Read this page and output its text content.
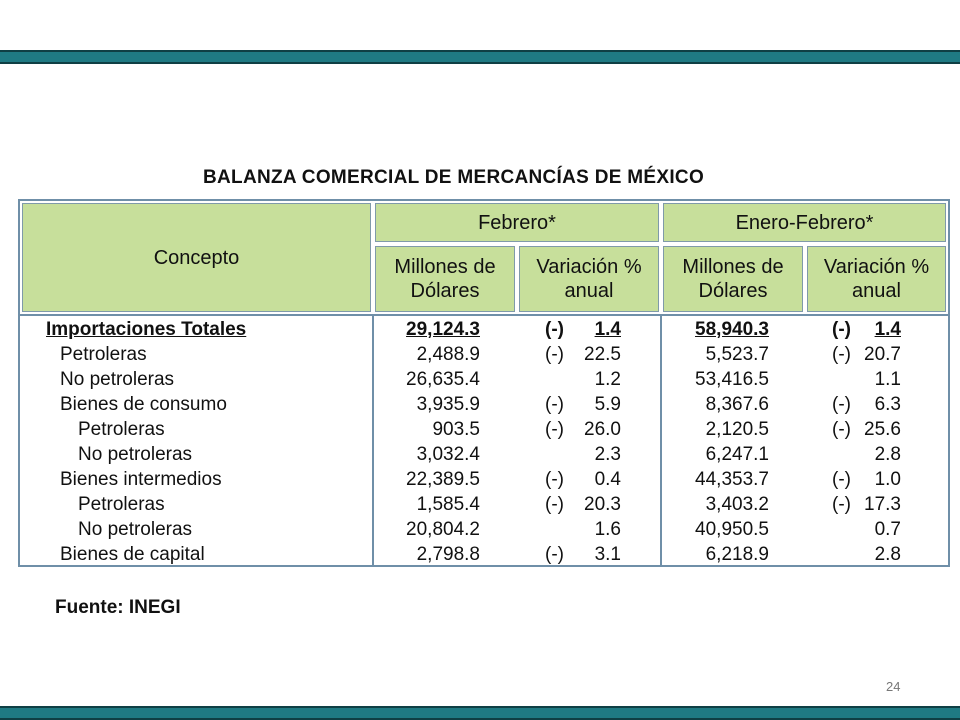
BALANZA COMERCIAL DE MERCANCÍAS DE MÉXICO
Concepto
Febrero*	Enero-Febrero*
Millones de
Dólares
Variación %
anual
Millones de
Dólares
Variación %
anual
Importaciones Totales	29,124.3	(-) 1.4	58,940.3	(-) 1.4
Petroleras	2,488.9	(-) 22.5	5,523.7	(-) 20.7
No petroleras	26,635.4	1.2	53,416.5	1.1
Bienes de consumo	3,935.9	(-) 5.9	8,367.6	(-) 6.3
Petroleras	903.5	(-) 26.0	2,120.5	(-) 25.6
No petroleras	3,032.4	2.3	6,247.1	2.8
Bienes intermedios	22,389.5	(-) 0.4	44,353.7	(-) 1.0
Petroleras	1,585.4	(-) 20.3	3,403.2	(-) 17.3
No petroleras	20,804.2	1.6	40,950.5	0.7
Bienes de capital	2,798.8	(-) 3.1	6,218.9	2.8
Fuente: INEGI
24
